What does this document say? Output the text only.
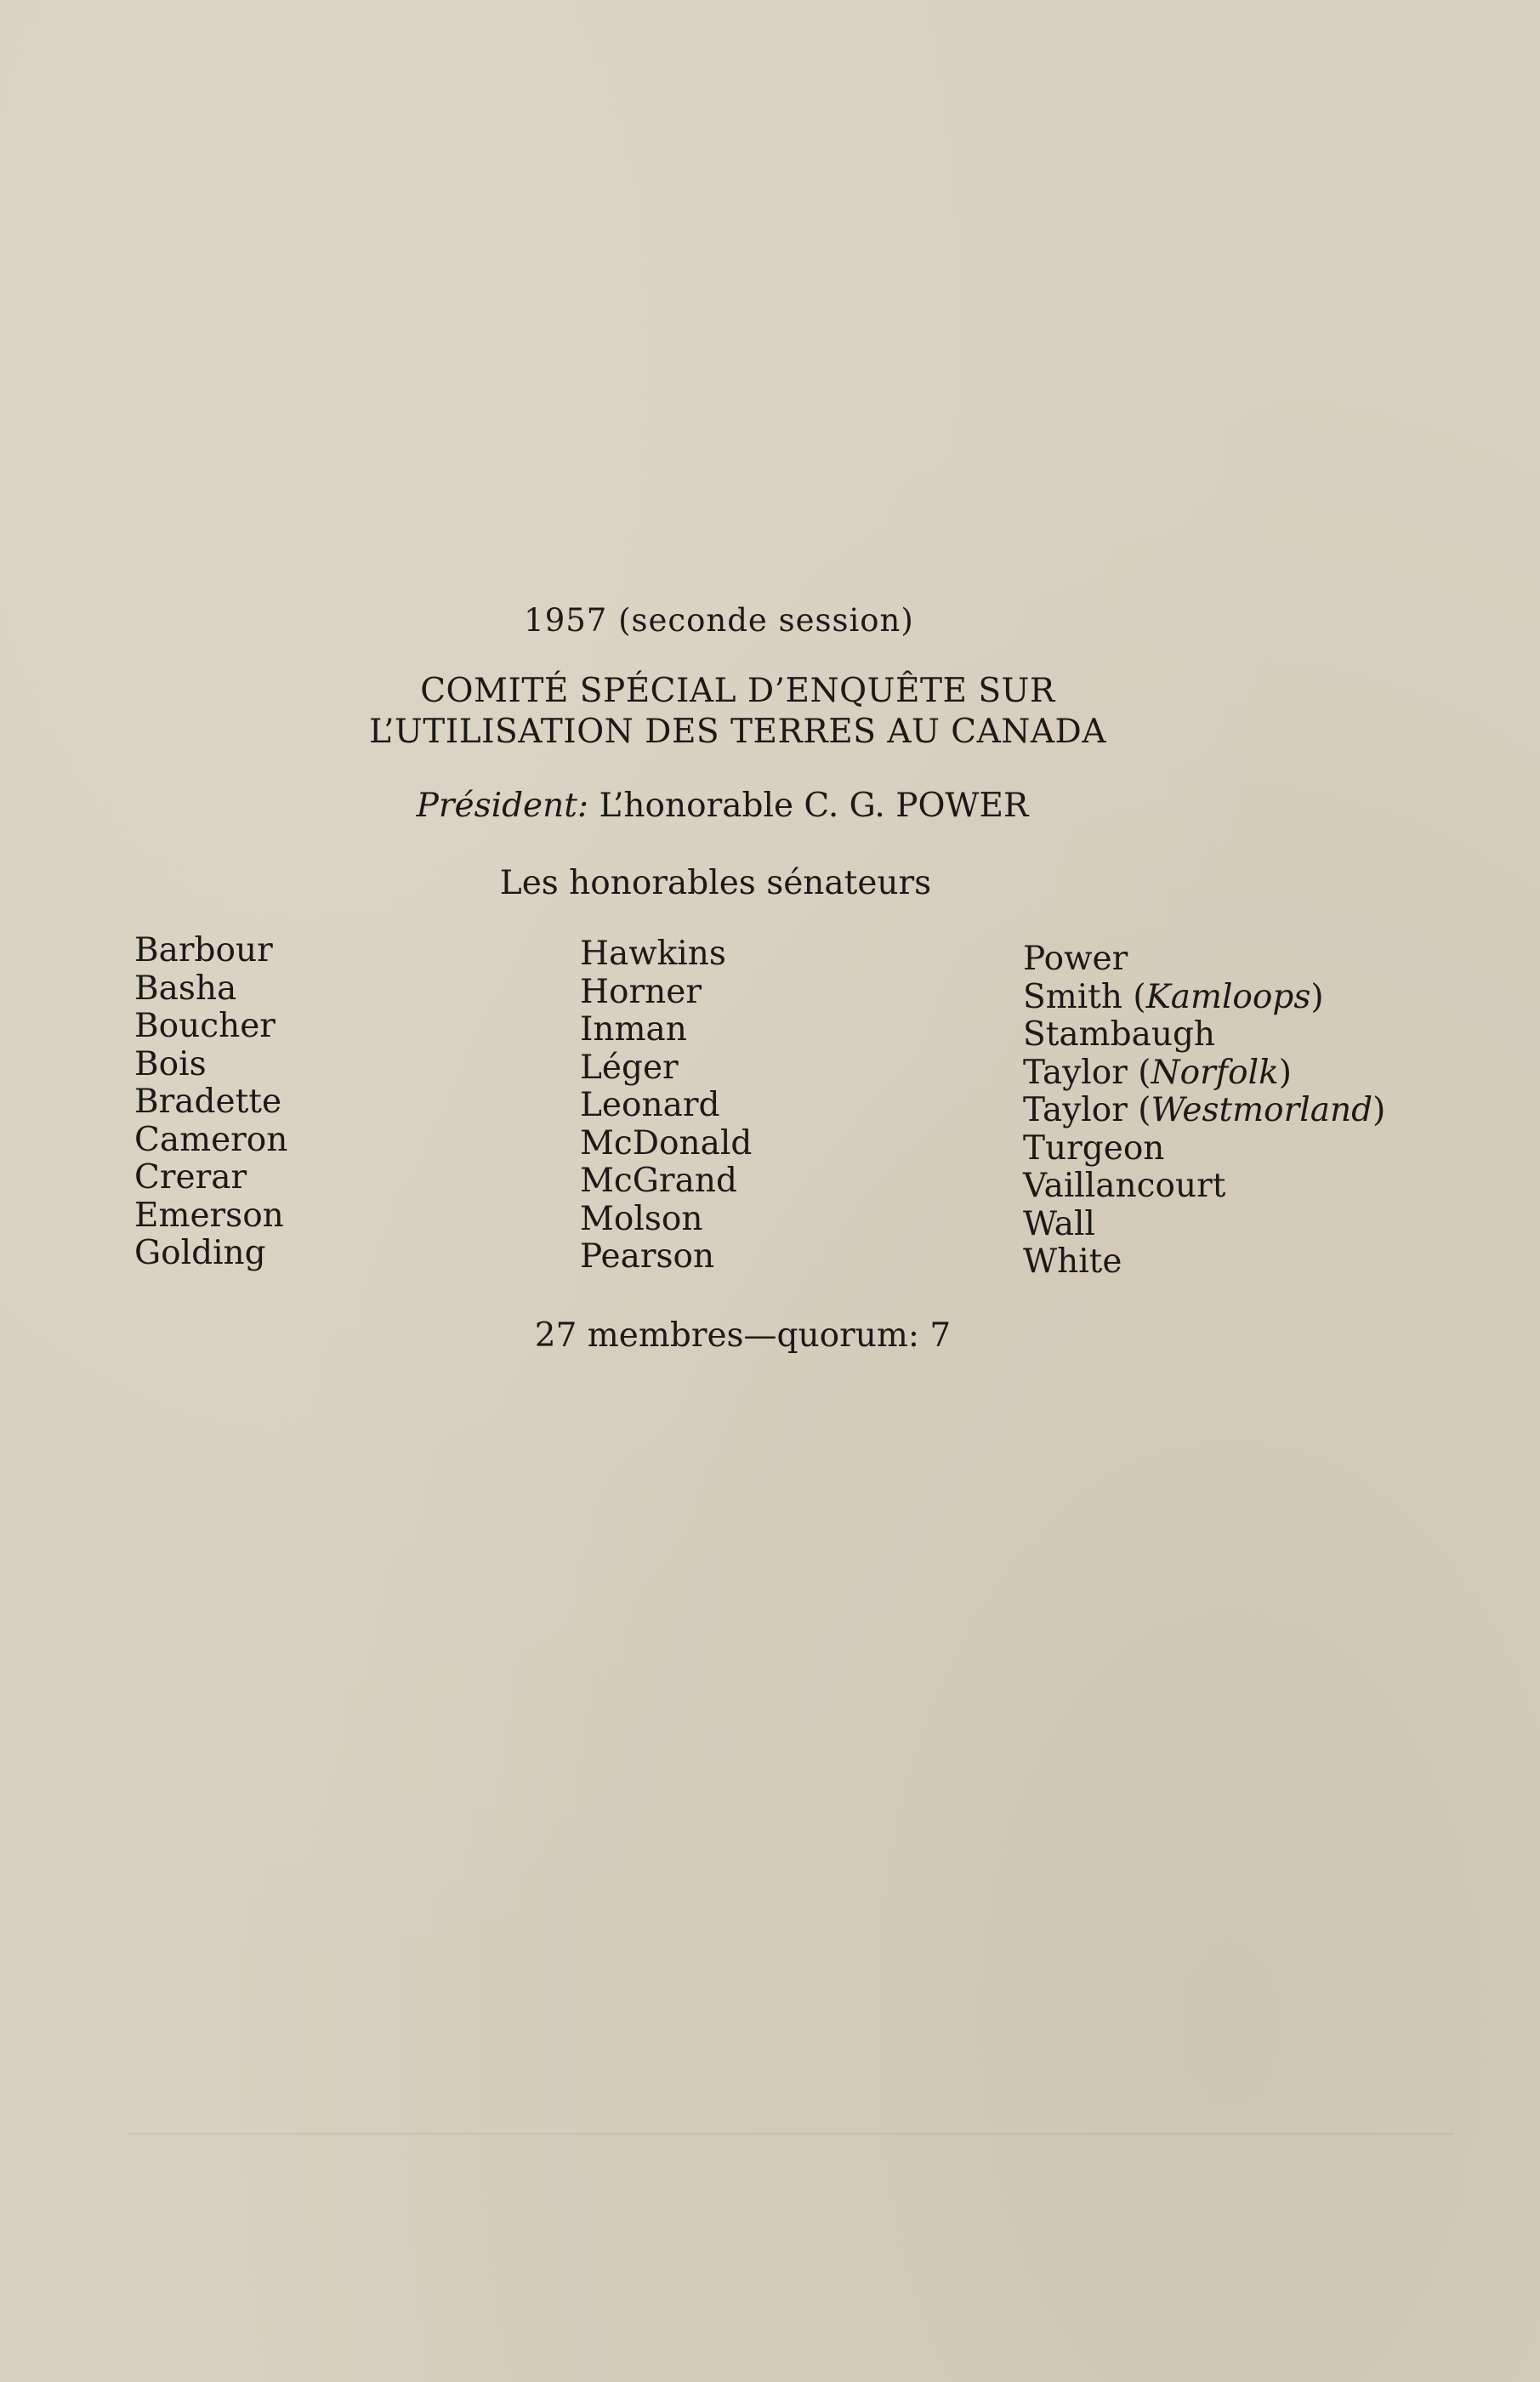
1957 (seconde session)
COMITÉ SPÉCIAL D’ENQUÊTE SUR
L’UTILISATION DES TERRES AU CANADA
Président: L’honorable C. G. POWER
Les honorables sénateurs
Barbour
Basha
Boucher
Bois
Bradette
Cameron
Crerar
Emerson
Golding
Hawkins
Horner
Inman
Léger
Leonard
McDonald
McGrand
Molson
Pearson
Power
Smith (Kamloops)
Stambaugh
Taylor (Norfolk)
Taylor (Westmorland)
Turgeon
Vaillancourt
Wall
White
27 membres—quorum: 7
